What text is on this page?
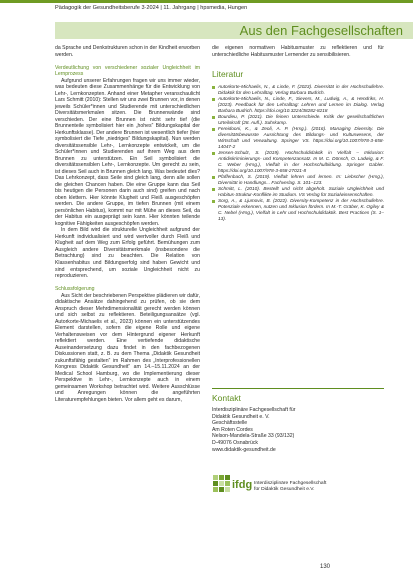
Pädagogik der Gesundheitsberufe 3·2024 | 11. Jahrgang | hpsmedia, Hungen
Aus den Fachgesellschaften

da Sprache und Denkstrukturen schon in der Kindheit erworben werden.

Verdeutlichung von verschiedener sozialer Ungleichheit im Lernprozess

Aufgrund unserer Erfahrungen fragen wir uns immer wieder, was bedeuten diese Zusammenhänge für die Entwicklung von Lehr-, Lernkonzepten. Anhand einer Metapher veranschaulicht Lars Schmitt (2010): Stellen wir uns zwei Brunnen vor, in denen jeweils Schüler*innen und Studierende mit unterschiedlichen Diversitätsmerkmalen sitzen. Die Brunnenwände sind verschieden. Der eine Brunnen ist nicht sehr tief (die Brunnenteile symbolisiert hier ein „hohes“ Bildungskapital der Herkunftsklasse). Der andere Brunnen ist wesentlich tiefer (hier symbolisiert die Tiefe „niedriges“ Bildungskapital). Nun werden diversitätssensible Lehr-, Lernkonzepte entwickelt, um die Schüler*innen und Studierenden auf ihrem Weg aus dem Brunnen zu unterstützen. Ein Seil symbolisiert die diversitätssensiblen Lehr-, Lernkonzepte. Um gerecht zu sein, ist dieses Seil auch in Brunnen gleich lang. Was bedeutet dies? Das Lehrkonzept, dass Seile sind gleich lang, denn alle sollen die gleichen Chancen haben. Die eine Gruppe kann das Seil bis heutigen die Personen darin auch sind) greifen und nach oben klettern. Hier könnte Klugheit und Fleiß ausgeschöpfen werden. Die andere Gruppe, im tiefen Brunnen (mit einem persönlichen Habitus), kommt nur mit Mühe an dieses Seil, da der Habitus ein ausgeprägt sein kann. Hier könnten teilende kognitive Fähigkeiten ausgeschöpfen werden.

In dem Bild wird die strukturelle Ungleichheit aufgrund der Herkunft individualisiert und wird wertvoller durch Fleiß und Klugheit auf dem Weg zum Erfolg geführt. Bemühungen zum Ausgleich andere Diversitätsmerkmale (insbesondere die Betrachtung) sind zu beachten. Die Relation von Klassenhabitus und Bildungserfolg sind haben Gewicht und sind entsprechend, um soziale Ungleichheit nicht zu reproduzieren.

Schlussfolgerung

Aus Sicht der beschriebenen Perspektive plädieren wir dafür, didaktische Ansätze dahingehend zu prüfen, ob sie dem Anspruch dieser Mehrdimensionalität gerecht werden können und sich selbst zu reflektieren. Beteiligungsansätze (vgl. Autorkorte-Michaelis et al., 2023) können ein unterstützendes Element darstellen, sofern die eigene Rolle und eigene Verhaltensweisen vor dem Hintergrund eigener Herkunft reflektiert werden. Eine vertiefende didaktische Auseinandersetzung dazu findet in den fachbezogenen Diskussionen statt, z. B. zu dem Thema „Didaktik Gesundheit zukunftsfähig gestalten“ im Rahmen des „Interprofessionellen Kongress Didaktik Gesundheit“ am 14.–15.11.2024 an der Medical School Hamburg, wo die Implementierung dieser Perspektive in Lehr-, Lernkonzepte auch in einem gemeinsamen Workshop betrachtet wird. Weitere Ausschlüsse und Anregungen können die angeführten Literaturempfehlungen bieten. Vor allem geht es darum,

die eigenen normativen Habitusmuster zu reflektieren und für unterschiedliche Habitusmuster Lernender zu sensibilisieren.

Literatur
Autorkorte-Michaelis, N., & Linde, F. (2023). Diversität in der Hochschullehre. Didaktik für den Lehralltag. Verlag Barbara Budrich.
Autorkorte-Michaelis, N., Linde, F., Sievers, M., Ludwig, A., & Hendriks, H. (2023). Feedback für den Lehralltag: Lehren und Lernen im Dialog. Verlag Barbara Budrich. https://doi.org/10.3224/38282-8218
Bourdieu, P. (2021). Die feinen Unterschiede. Kritik der gesellschaftlichen Urteilskraft (28. Aufl.). Suhrkamp.
Fereidooni, K., & Zeoli, A. P. (Hrsg.). (2016). Managing Diversity. Die diversitätsbewusste Ausrichtung des Bildungs- und Kulturwesens, der Wirtschaft und Verwaltung. Springer VS. https://doi.org/10.1007/978-3-658-14047-2
Jensen-Schulz, S. (2019). Hochschuldidaktik in Vielfalt – Inklusion: Antidiskriminierungs- und Kompetenzansatz. In M. C. Dönsch, O. Ladwig, & F. C. Weber (Hrsg.), Vielfalt in der Hochschulbildung. Springer Gabler. https://doi.org/10.1007/978-3-658-27021-8
Pfaffenbach, S. (2019). Vielfalt lehren und lernen. In: Liebscher (Hrsg.), Diversität in Handlungs... Fachverlag. S. 101–123.
Schmitt, L. (2010). Bestellt und nicht abgeholt. Soziale Ungleichheit und Habitus-Struktur-Konflikte im Studium. VS Verlag für Sozialwissenschaften.
Sorg, A., & Ljumovic, B. (2022). Diversity-Kompetenz in der Hochschullehre. Potenziale erkennen, nutzen und Inklusion fördern. In M.-T. Gräber, K. Ogilvy & C. Nebel (Hrsg.), Vielfalt in Lehr und Hochschuldidaktik. Best Practices (S. 1–13).
Kontakt
Interdisziplinäre Fachgesellschaft für
Didaktik Gesundheit e. V.
Geschäftsstelle
Am Roten Cordes
Nelson-Mandela-Straße 33 (93/132)
D-49076 Osnabrück
www.didaktik-gesundheit.de
ifdg Interdisziplinäre Fachgesellschaft
für Didaktik Gesundheit e.V.
130
